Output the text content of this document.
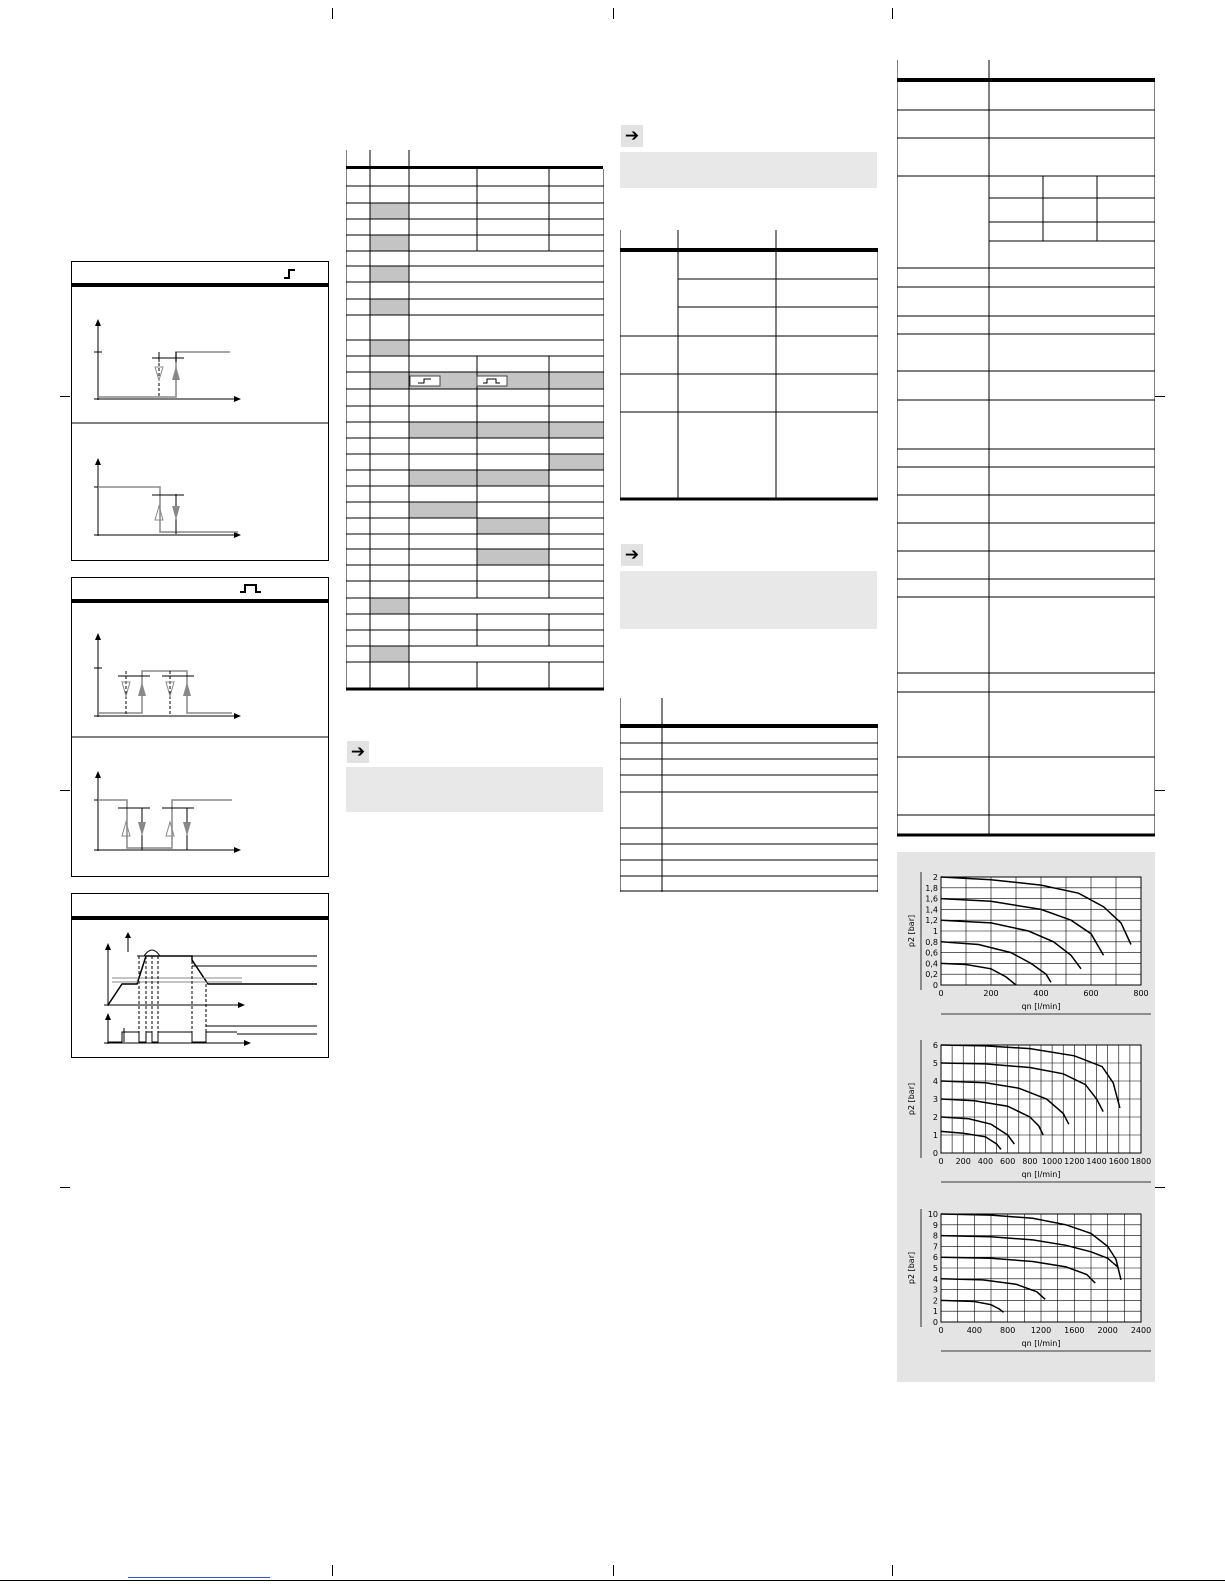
➔
➔
➔
0	200	400	600	800
0
0,2
0,4
0,6
0,8
1
1,2
1,4
1,6
1,8
2
qn [l/min]
p2 [bar]
0 200 400 600 800 1000 1200 1400 1600 1800
0
1
2
3
4
5
6
qn [l/min]
p2 [bar]
0	400 800 1200 1600 2000 2400
0
1
2
3
4
5
6
7
8
9
10
qn [l/min]
p2 [bar]
